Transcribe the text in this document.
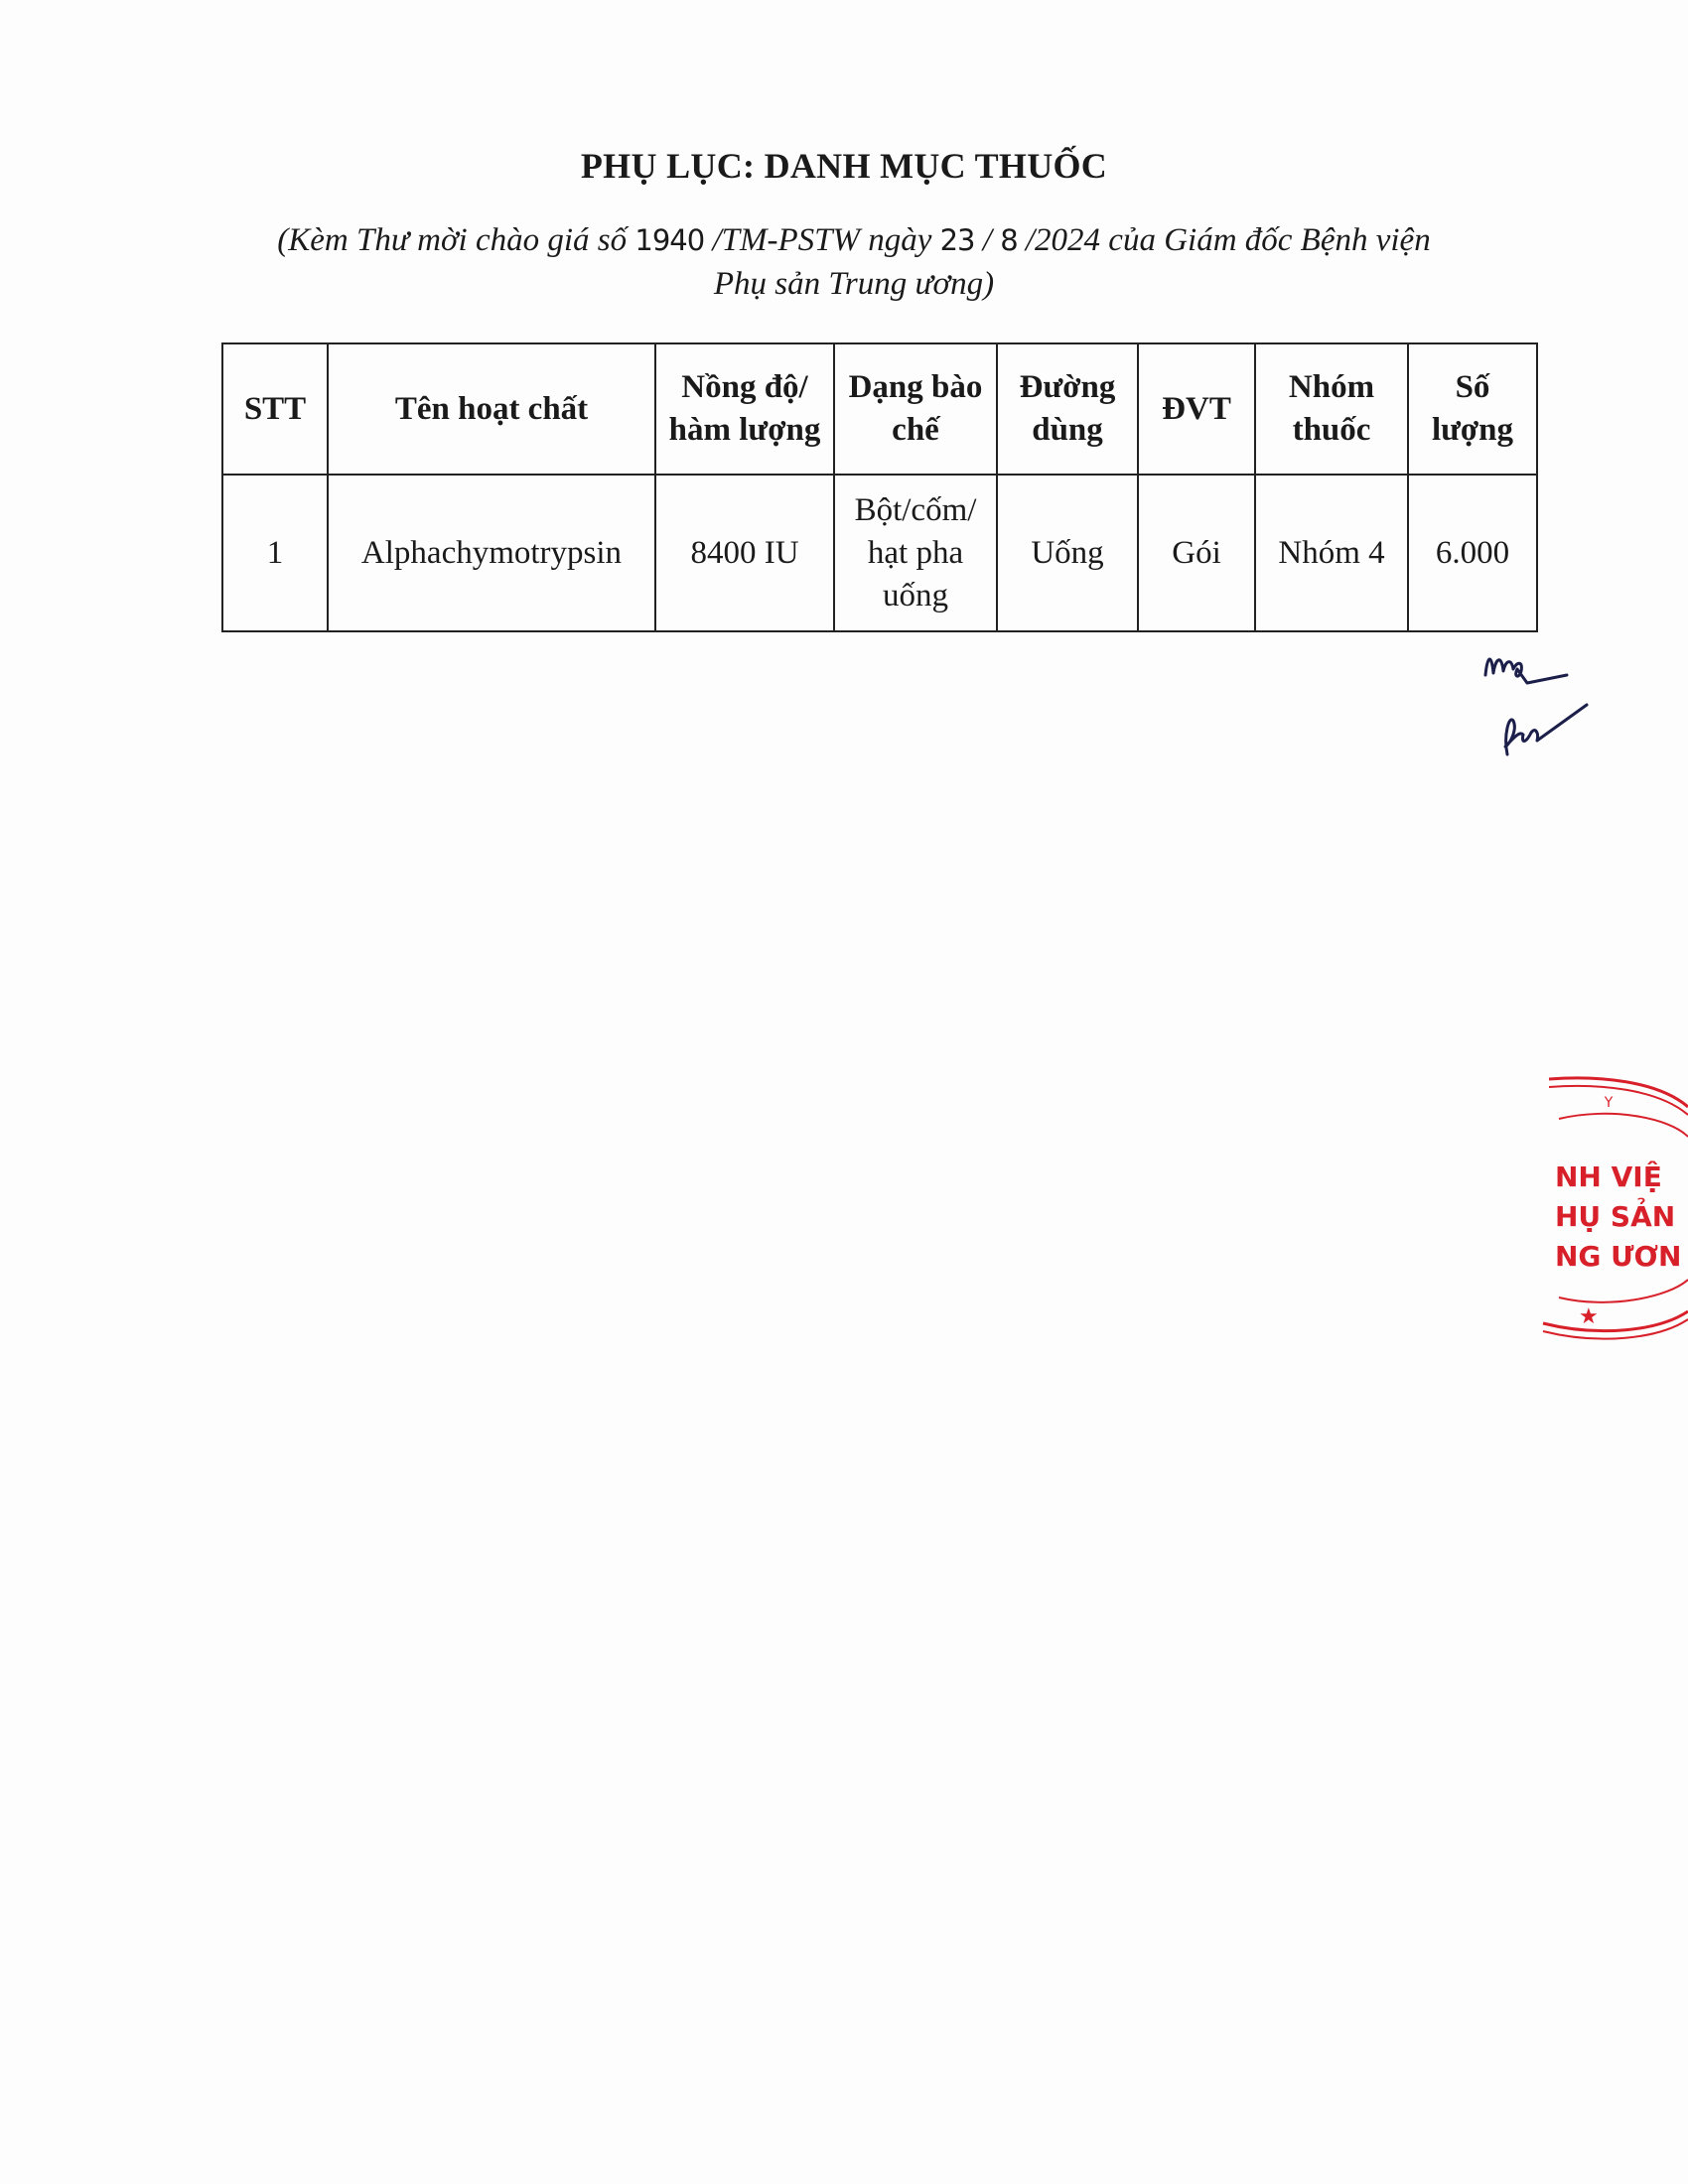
PHỤ LỤC: DANH MỤC THUỐC
(Kèm Thư mời chào giá số 1940 /TM-PSTW ngày 23 / 8 /2024 của Giám đốc Bệnh viện Phụ sản Trung ương)
STT	Tên hoạt chất	Nồng độ/ hàm lượng	Dạng bào chế	Đường dùng	ĐVT	Nhóm thuốc	Số lượng
1	Alphachymotrypsin	8400 IU	Bột/cốm/ hạt pha uống	Uống	Gói	Nhóm 4	6.000
Y
★
NH VIỆ
HỤ SẢN
NG ƯƠN
